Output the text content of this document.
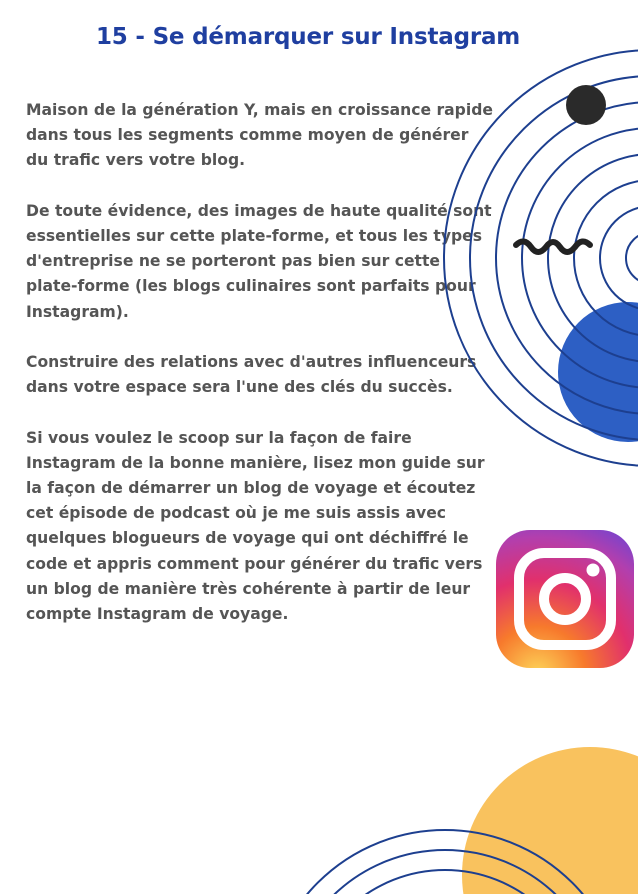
15 - Se démarquer sur Instagram

Maison de la génération Y, mais en croissance rapide dans tous les segments comme moyen de générer du trafic vers votre blog.

De toute évidence, des images de haute qualité sont essentielles sur cette plate-forme, et tous les types d'entreprise ne se porteront pas bien sur cette plate-forme (les blogs culinaires sont parfaits pour Instagram).

Construire des relations avec d'autres influenceurs dans votre espace sera l'une des clés du succès.

Si vous voulez le scoop sur la façon de faire Instagram de la bonne manière, lisez mon guide sur la façon de démarrer un blog de voyage et écoutez cet épisode de podcast où je me suis assis avec quelques blogueurs de voyage qui ont déchiffré le code et appris comment pour générer du trafic vers un blog de manière très cohérente à partir de leur compte Instagram de voyage.
